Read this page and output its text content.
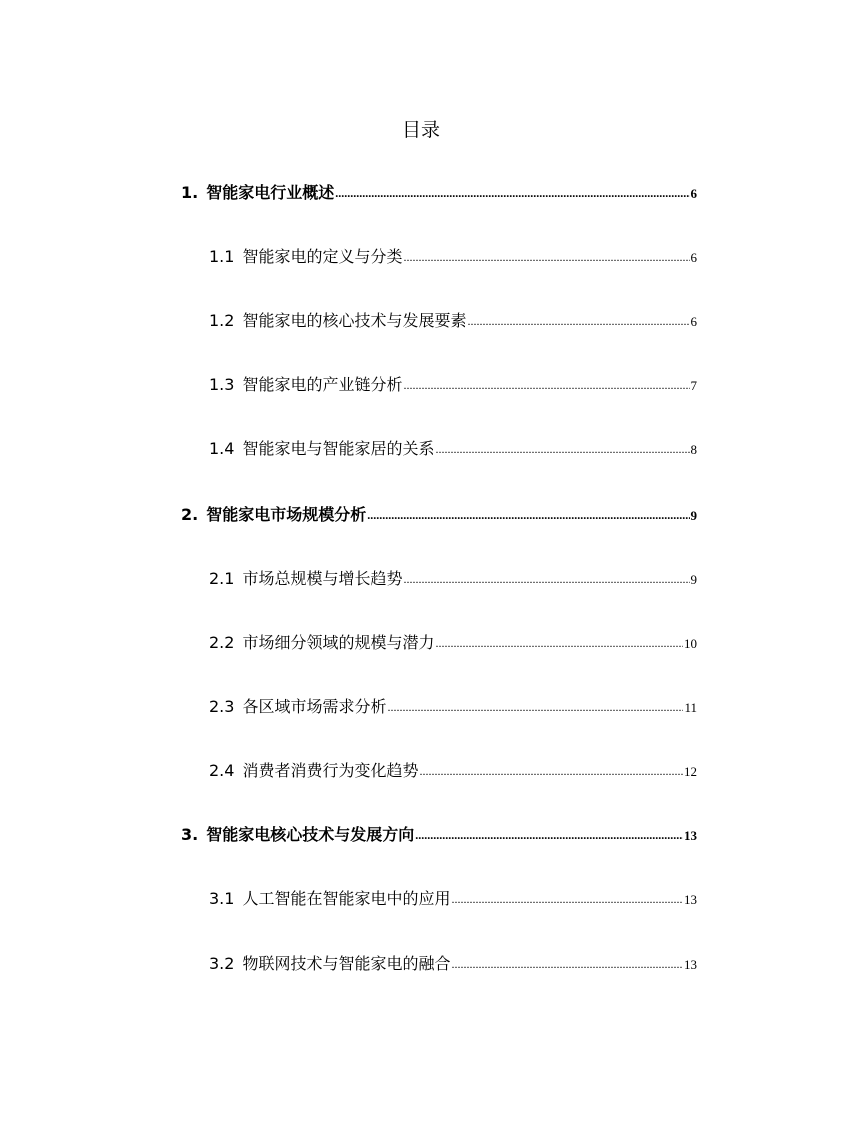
目录
1. 智能家电行业概述 .....	6
1.1 智能家电的定义与分类 .....	6
1.2 智能家电的核心技术与发展要素 .....	6
1.3 智能家电的产业链分析 .....	7
1.4 智能家电与智能家居的关系 .....	8
2. 智能家电市场规模分析 .....	9
2.1 市场总规模与增长趋势 .....	9
2.2 市场细分领域的规模与潜力 .....	10
2.3 各区域市场需求分析 .....	11
2.4 消费者消费行为变化趋势 .....	12
3. 智能家电核心技术与发展方向 .....	13
3.1 人工智能在智能家电中的应用 .....	13
3.2 物联网技术与智能家电的融合 .....	13
